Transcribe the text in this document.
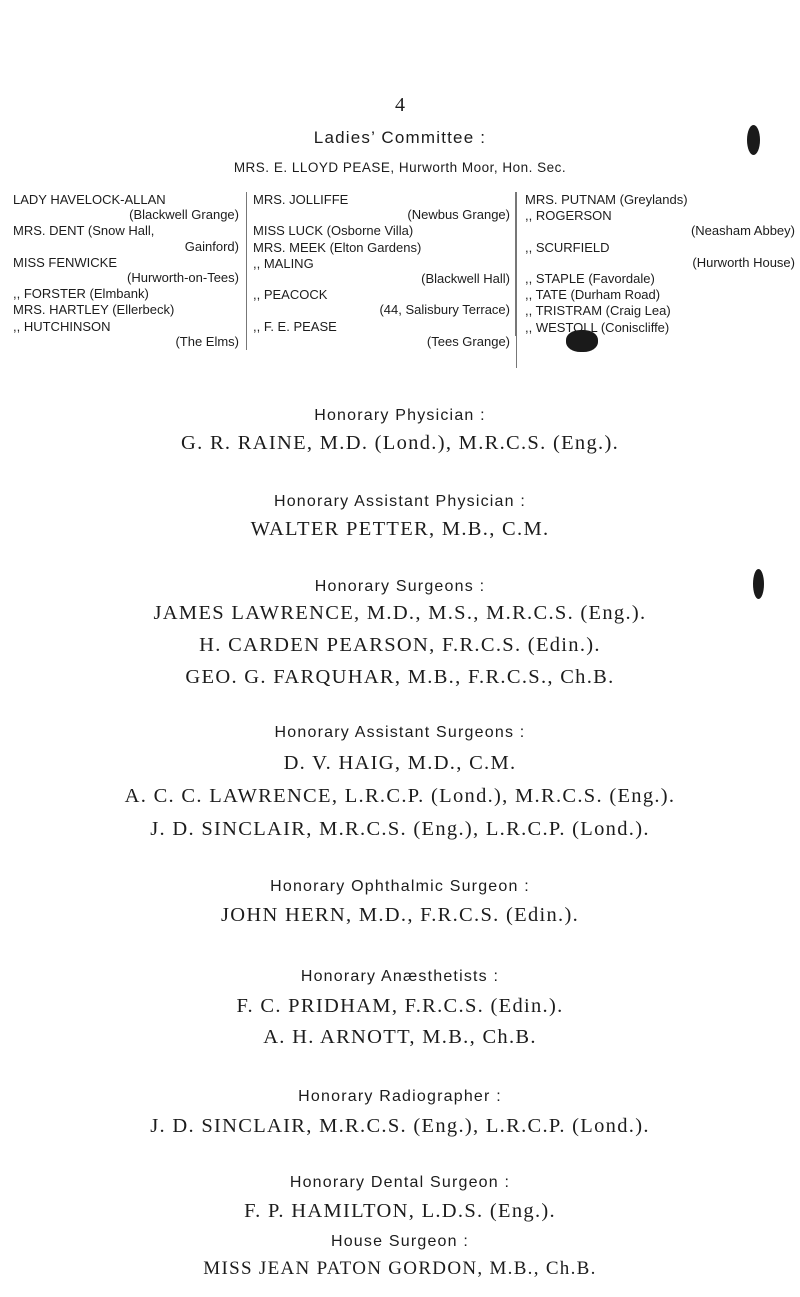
4
Ladies’ Committee :
MRS. E. LLOYD PEASE, Hurworth Moor, Hon. Sec.
LADY HAVELOCK-ALLAN
(Blackwell Grange)
MRS. DENT (Snow Hall,
Gainford)
MISS FENWICKE
(Hurworth-on-Tees)
,, FORSTER (Elmbank)
MRS. HARTLEY (Ellerbeck)
,, HUTCHINSON
(The Elms)
MRS. JOLLIFFE
(Newbus Grange)
MISS LUCK (Osborne Villa)
MRS. MEEK (Elton Gardens)
,, MALING
(Blackwell Hall)
,, PEACOCK
(44, Salisbury Terrace)
,, F. E. PEASE
(Tees Grange)
MRS. PUTNAM (Greylands)
,, ROGERSON
(Neasham Abbey)
,, SCURFIELD
(Hurworth House)
,, STAPLE (Favordale)
,, TATE (Durham Road)
,, TRISTRAM (Craig Lea)
,, WESTOLL (Coniscliffe)
Honorary Physician :
G. R. RAINE, M.D. (Lond.), M.R.C.S. (Eng.).
Honorary Assistant Physician :
WALTER PETTER, M.B., C.M.
Honorary Surgeons :
JAMES LAWRENCE, M.D., M.S., M.R.C.S. (Eng.).
H. CARDEN PEARSON, F.R.C.S. (Edin.).
GEO. G. FARQUHAR, M.B., F.R.C.S., Ch.B.
Honorary Assistant Surgeons :
D. V. HAIG, M.D., C.M.
A. C. C. LAWRENCE, L.R.C.P. (Lond.), M.R.C.S. (Eng.).
J. D. SINCLAIR, M.R.C.S. (Eng.), L.R.C.P. (Lond.).
Honorary Ophthalmic Surgeon :
JOHN HERN, M.D., F.R.C.S. (Edin.).
Honorary Anæsthetists :
F. C. PRIDHAM, F.R.C.S. (Edin.).
A. H. ARNOTT, M.B., Ch.B.
Honorary Radiographer :
J. D. SINCLAIR, M.R.C.S. (Eng.), L.R.C.P. (Lond.).
Honorary Dental Surgeon :
F. P. HAMILTON, L.D.S. (Eng.).
House Surgeon :
MISS JEAN PATON GORDON, M.B., Ch.B.
